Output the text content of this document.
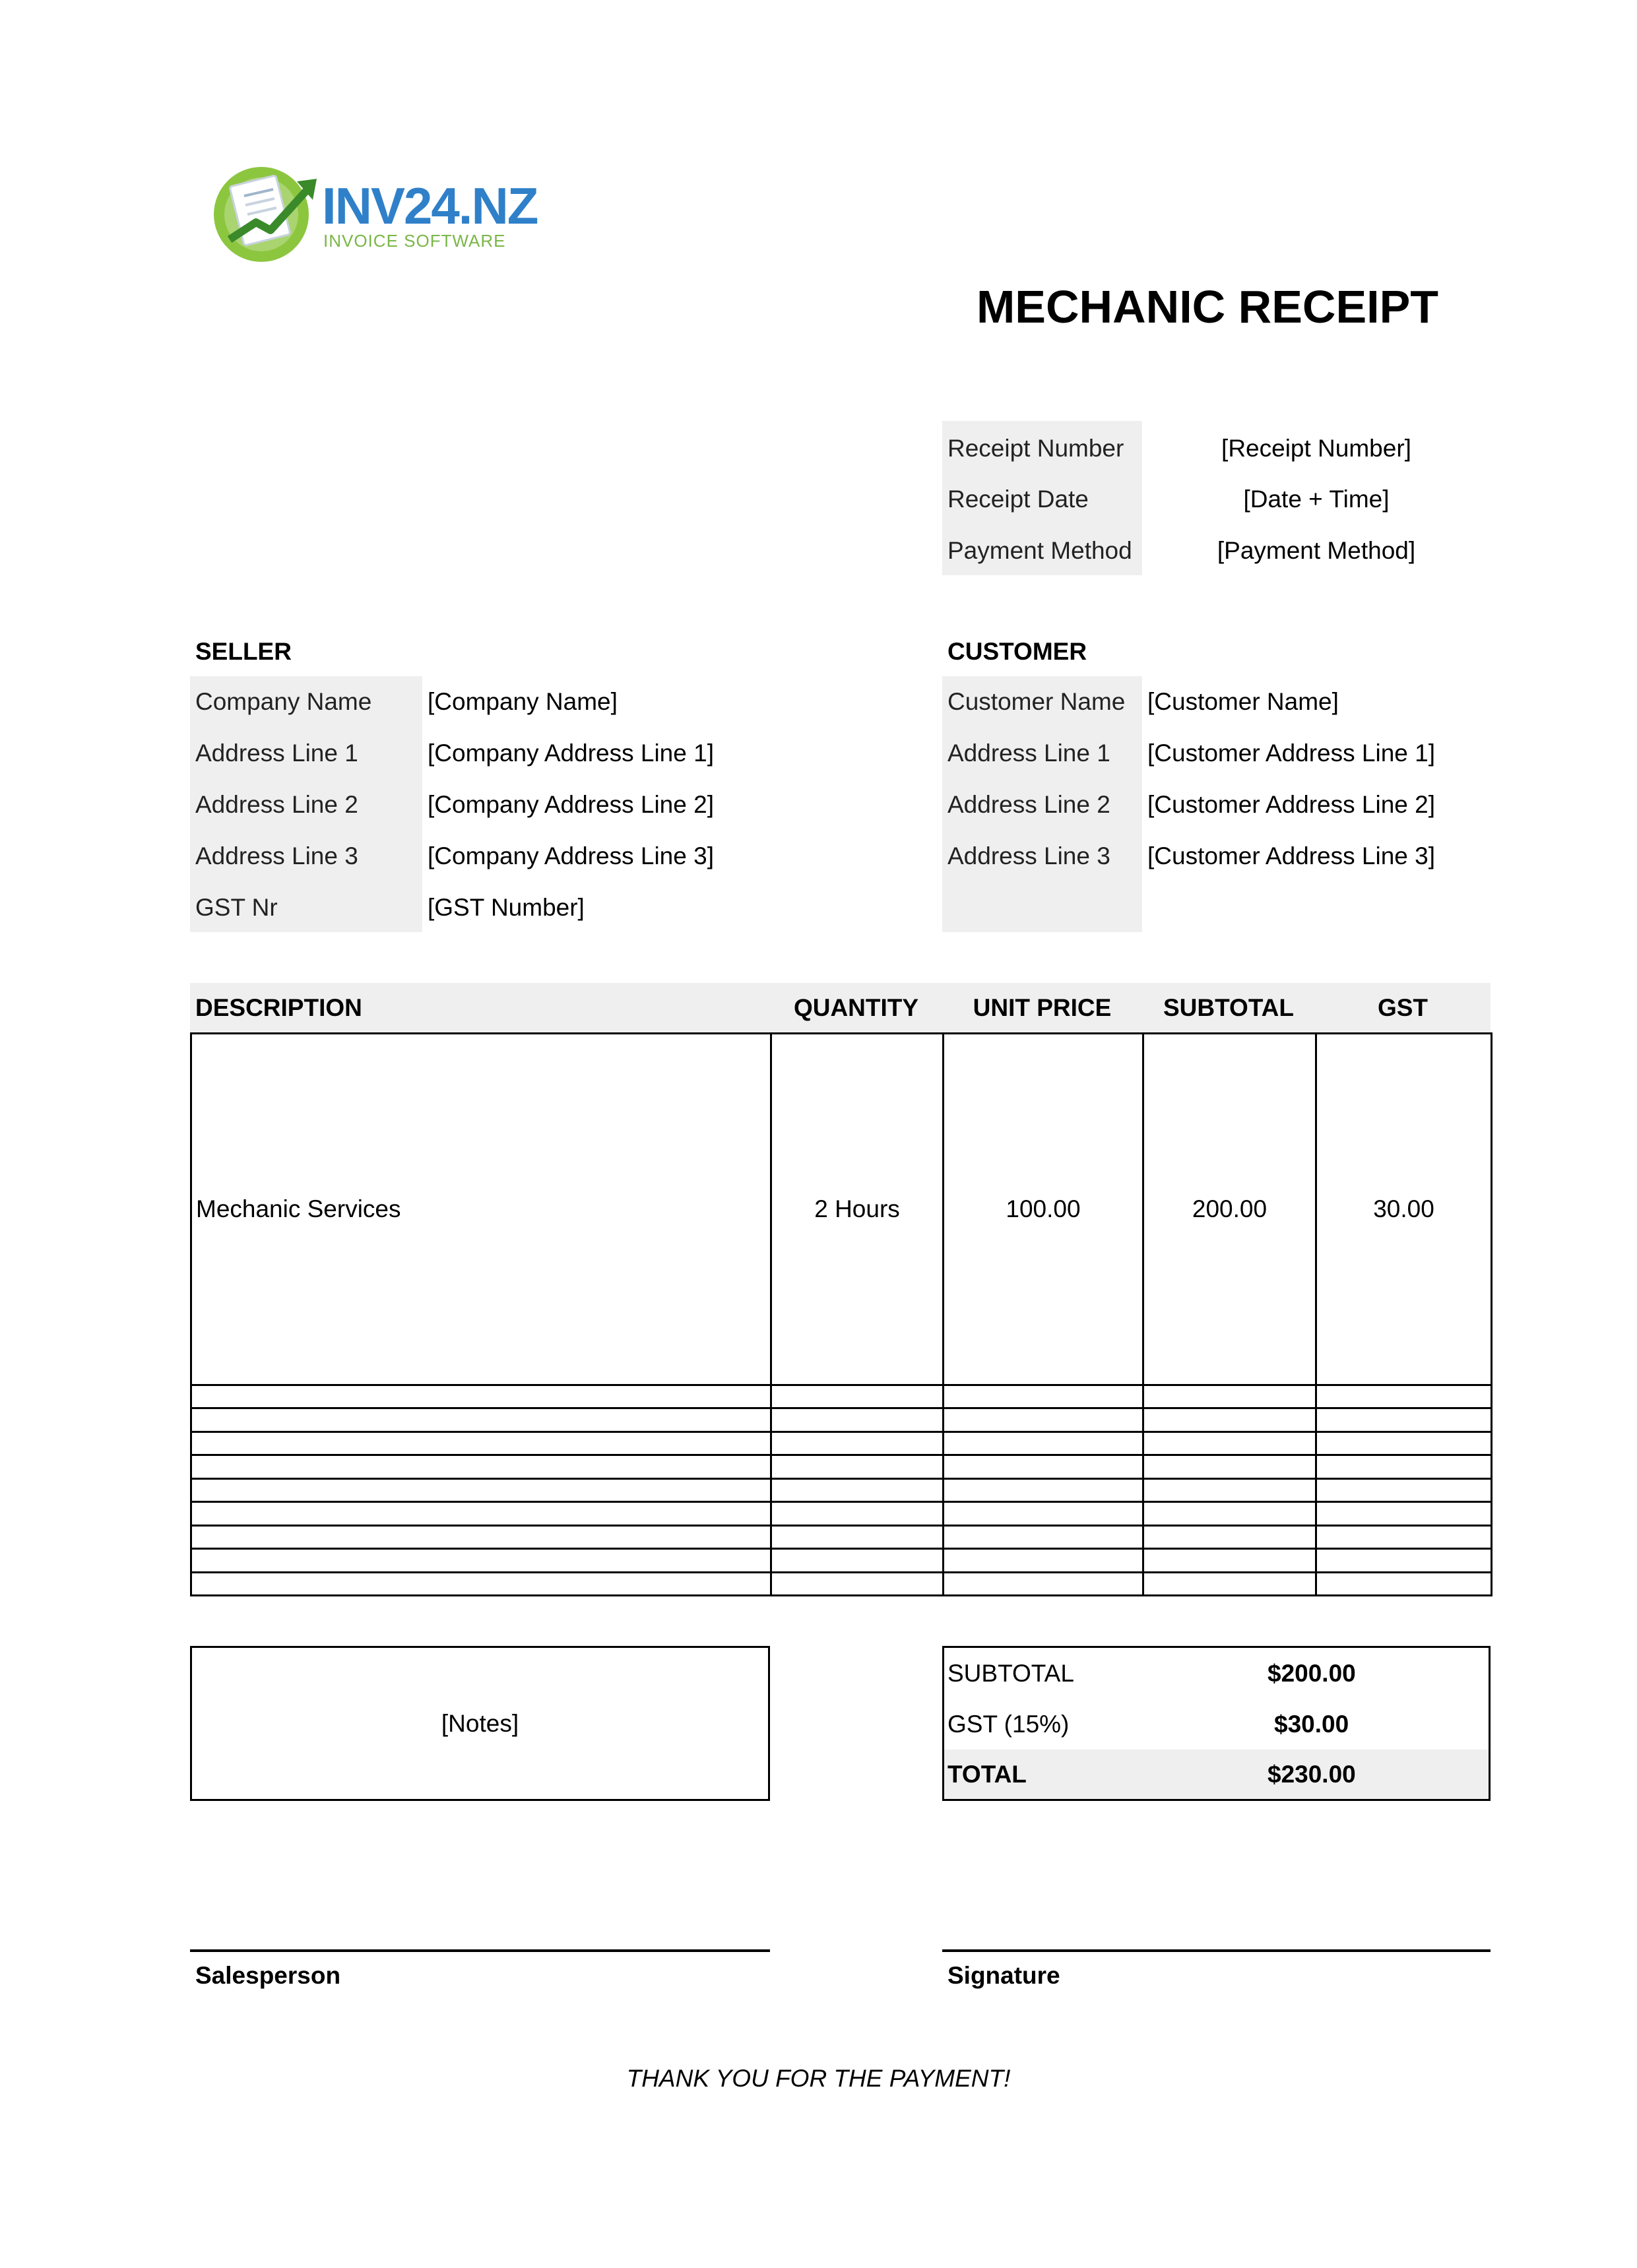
INV24.NZ
INVOICE SOFTWARE
MECHANIC RECEIPT
Receipt Number	[Receipt Number]
Receipt Date	[Date + Time]
Payment Method	[Payment Method]
SELLER	CUSTOMER
Company Name [Company Name]
Address Line 1	[Company Address Line 1]
Address Line 2	[Company Address Line 2]
Address Line 3	[Company Address Line 3]
GST Nr	[GST Number]
Customer Name [Customer Name]
Address Line 1 [Customer Address Line 1]
Address Line 2 [Customer Address Line 2]
Address Line 3 [Customer Address Line 3]
DESCRIPTION	QUANTITY	UNIT PRICE	SUBTOTAL	GST
Mechanic Services	2 Hours	100.00	200.00	30.00

[Notes]
SUBTOTAL	$200.00
GST (15%)	$30.00
TOTAL	$230.00
Salesperson	Signature
THANK YOU FOR THE PAYMENT!
